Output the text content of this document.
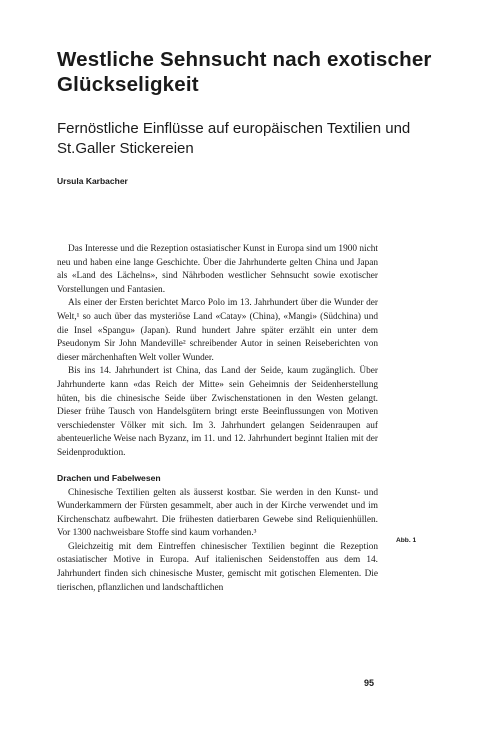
Westliche Sehnsucht nach exotischer Glückseligkeit
Fernöstliche Einflüsse auf europäischen Textilien und St.Galler Stickereien
Ursula Karbacher

Das Interesse und die Rezeption ostasiatischer Kunst in Europa sind um 1900 nicht neu und haben eine lange Geschichte. Über die Jahrhunderte gelten China und Japan als «Land des Lächelns», sind Nährboden westlicher Sehnsucht sowie exotischer Vorstellungen und Fantasien.

Als einer der Ersten berichtet Marco Polo im 13. Jahrhundert über die Wunder der Welt,¹ so auch über das mysteriöse Land «Catay» (China), «Mangi» (Südchina) und die Insel «Spangu» (Japan). Rund hundert Jahre später erzählt ein unter dem Pseudonym Sir John Mandeville² schreibender Autor in seinen Reiseberichten von dieser märchenhaften Welt voller Wunder.

Bis ins 14. Jahrhundert ist China, das Land der Seide, kaum zugänglich. Über Jahrhunderte kann «das Reich der Mitte» sein Geheimnis der Seidenherstellung hüten, bis die chinesische Seide über Zwischenstationen in den Westen gelangt. Dieser frühe Tausch von Handelsgütern bringt erste Beeinflussungen von Motiven verschiedenster Völker mit sich. Im 3. Jahrhundert gelangen Seidenraupen auf abenteuerliche Weise nach Byzanz, im 11. und 12. Jahrhundert beginnt Italien mit der Seidenproduktion.

Drachen und Fabelwesen

Chinesische Textilien gelten als äusserst kostbar. Sie werden in den Kunst- und Wunderkammern der Fürsten gesammelt, aber auch in der Kirche verwendet und im Kirchenschatz aufbewahrt. Die frühesten datierbaren Gewebe sind Reliquienhüllen. Vor 1300 nachweisbare Stoffe sind kaum vorhanden.³

Gleichzeitig mit dem Eintreffen chinesischer Textilien beginnt die Rezeption ostasiatischer Motive in Europa. Auf italienischen Seidenstoffen aus dem 14. Jahrhundert finden sich chinesische Muster, gemischt mit gotischen Elementen. Die tierischen, pflanzlichen und landschaftlichen

Abb. 1
95
